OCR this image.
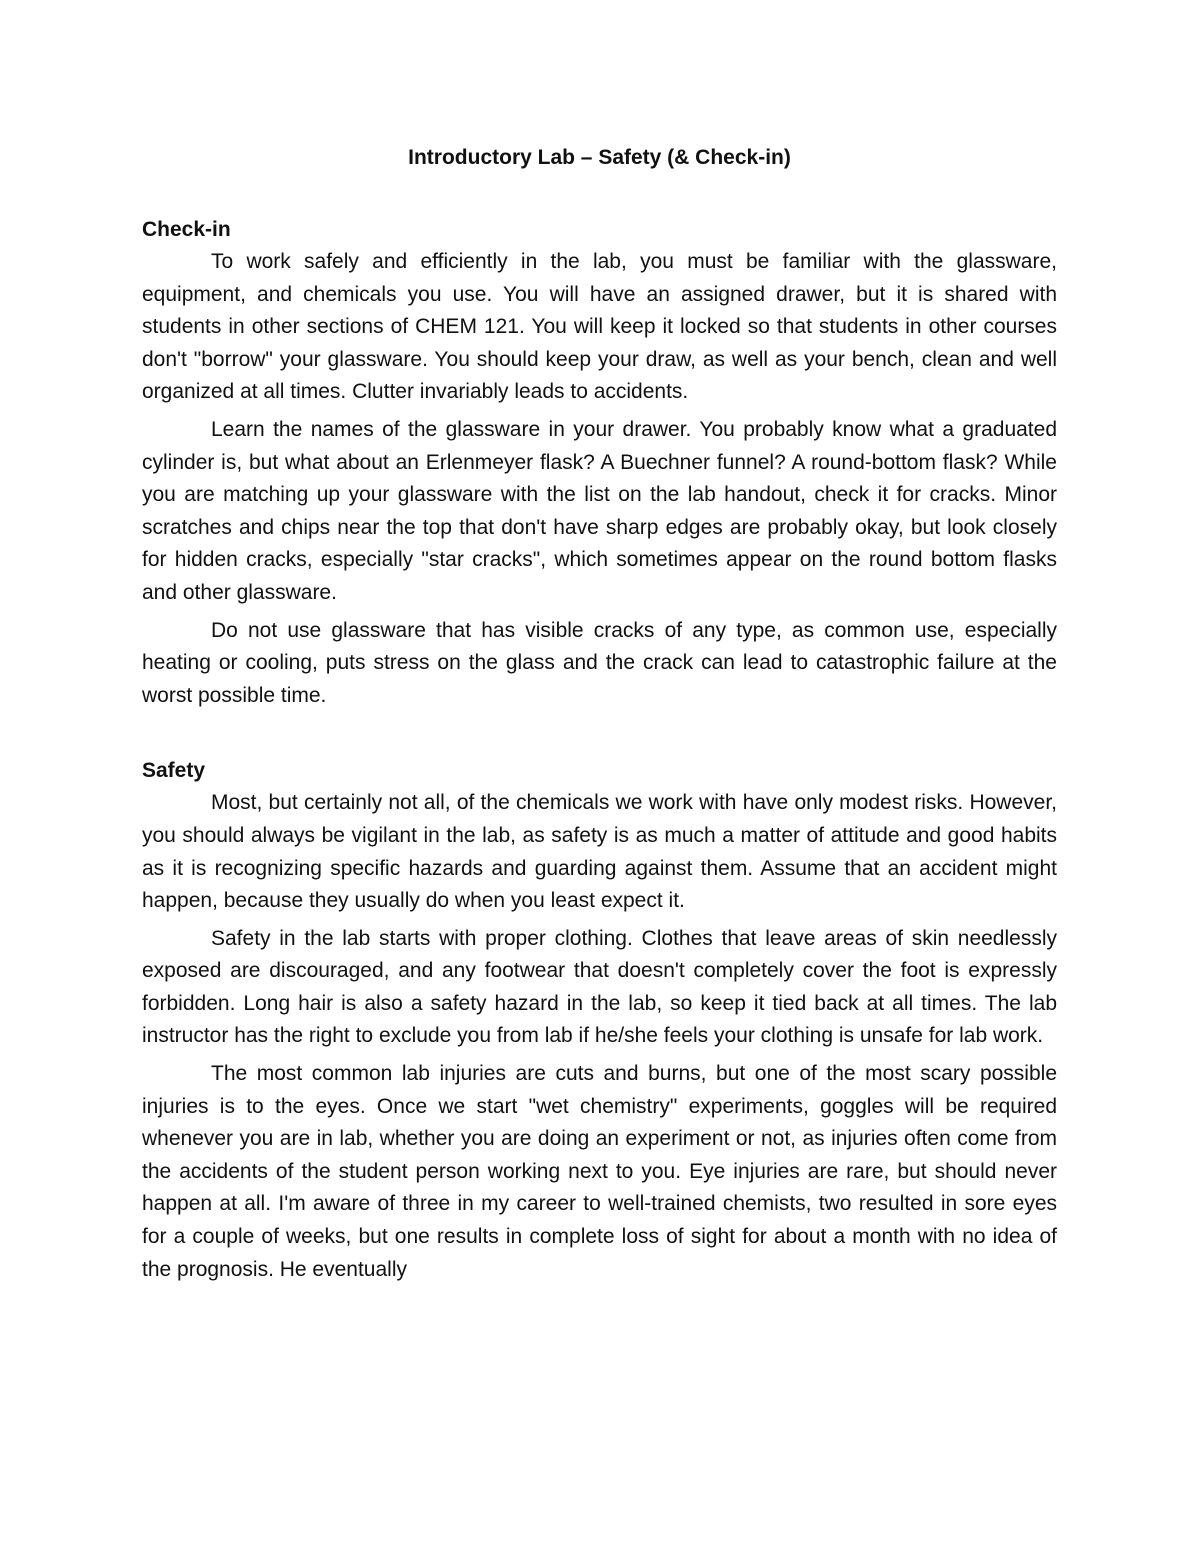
Introductory Lab – Safety (& Check-in)
Check-in

To work safely and efficiently in the lab, you must be familiar with the glassware, equipment, and chemicals you use. You will have an assigned drawer, but it is shared with students in other sections of CHEM 121. You will keep it locked so that students in other courses don't "borrow" your glassware. You should keep your draw, as well as your bench, clean and well organized at all times. Clutter invariably leads to accidents.

Learn the names of the glassware in your drawer. You probably know what a graduated cylinder is, but what about an Erlenmeyer flask? A Buechner funnel? A round-bottom flask? While you are matching up your glassware with the list on the lab handout, check it for cracks. Minor scratches and chips near the top that don't have sharp edges are probably okay, but look closely for hidden cracks, especially "star cracks", which sometimes appear on the round bottom flasks and other glassware.

Do not use glassware that has visible cracks of any type, as common use, especially heating or cooling, puts stress on the glass and the crack can lead to catastrophic failure at the worst possible time.

Safety

Most, but certainly not all, of the chemicals we work with have only modest risks. However, you should always be vigilant in the lab, as safety is as much a matter of attitude and good habits as it is recognizing specific hazards and guarding against them. Assume that an accident might happen, because they usually do when you least expect it.

Safety in the lab starts with proper clothing. Clothes that leave areas of skin needlessly exposed are discouraged, and any footwear that doesn't completely cover the foot is expressly forbidden. Long hair is also a safety hazard in the lab, so keep it tied back at all times. The lab instructor has the right to exclude you from lab if he/she feels your clothing is unsafe for lab work.

The most common lab injuries are cuts and burns, but one of the most scary possible injuries is to the eyes. Once we start "wet chemistry" experiments, goggles will be required whenever you are in lab, whether you are doing an experiment or not, as injuries often come from the accidents of the student person working next to you. Eye injuries are rare, but should never happen at all. I'm aware of three in my career to well-trained chemists, two resulted in sore eyes for a couple of weeks, but one results in complete loss of sight for about a month with no idea of the prognosis. He eventually
